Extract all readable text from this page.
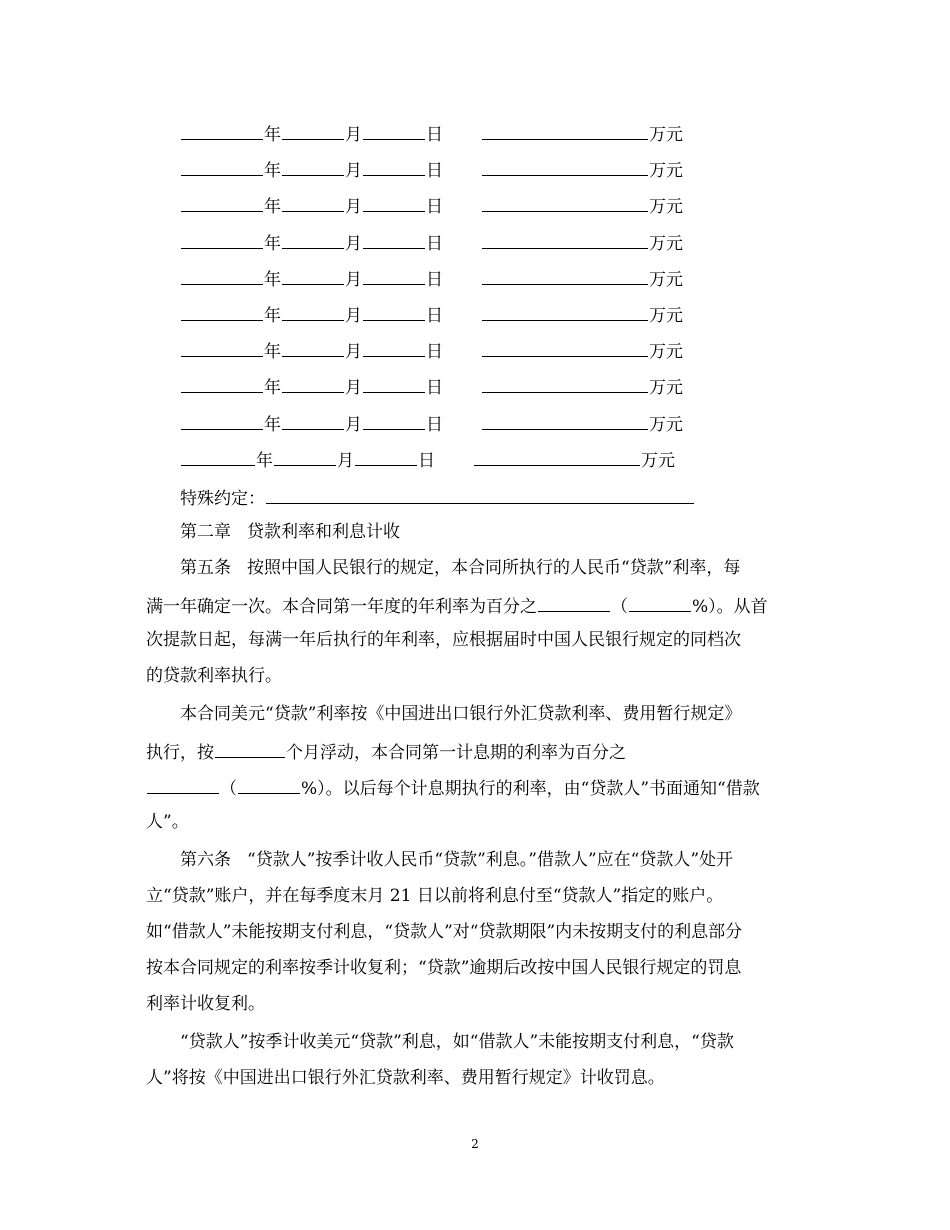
年	月	日	万元
年	月	日	万元
年	月	日	万元
年	月	日	万元
年	月	日	万元
年	月	日	万元
年	月	日	万元
年	月	日	万元
年	月	日	万元
年	月	日	万元
特殊约定：
第二章 贷款利率和利息计收
第五条 按照中国人民银行的规定，本合同所执行的人民币“贷款”利率，每
满一年确定一次。本合同第一年度的年利率为百分之	（	%）。从首
次提款日起，每满一年后执行的年利率，应根据届时中国人民银行规定的同档次
的贷款利率执行。
本合同美元“贷款”利率按《中国进出口银行外汇贷款利率、费用暂行规定》
执行，按	个月浮动，本合同第一计息期的利率为百分之
（	%）。以后每个计息期执行的利率，由“贷款人”书面通知“借款
人”。
第六条 “贷款人”按季计收人民币“贷款”利息。”借款人”应在“贷款人”处开
立“贷款”账户，并在每季度末月 21 日以前将利息付至“贷款人”指定的账户。
如“借款人”未能按期支付利息，“贷款人”对“贷款期限”内未按期支付的利息部分
按本合同规定的利率按季计收复利；“贷款”逾期后改按中国人民银行规定的罚息
利率计收复利。
“贷款人”按季计收美元“贷款”利息，如“借款人”未能按期支付利息，“贷款
人”将按《中国进出口银行外汇贷款利率、费用暂行规定》计收罚息。
2
